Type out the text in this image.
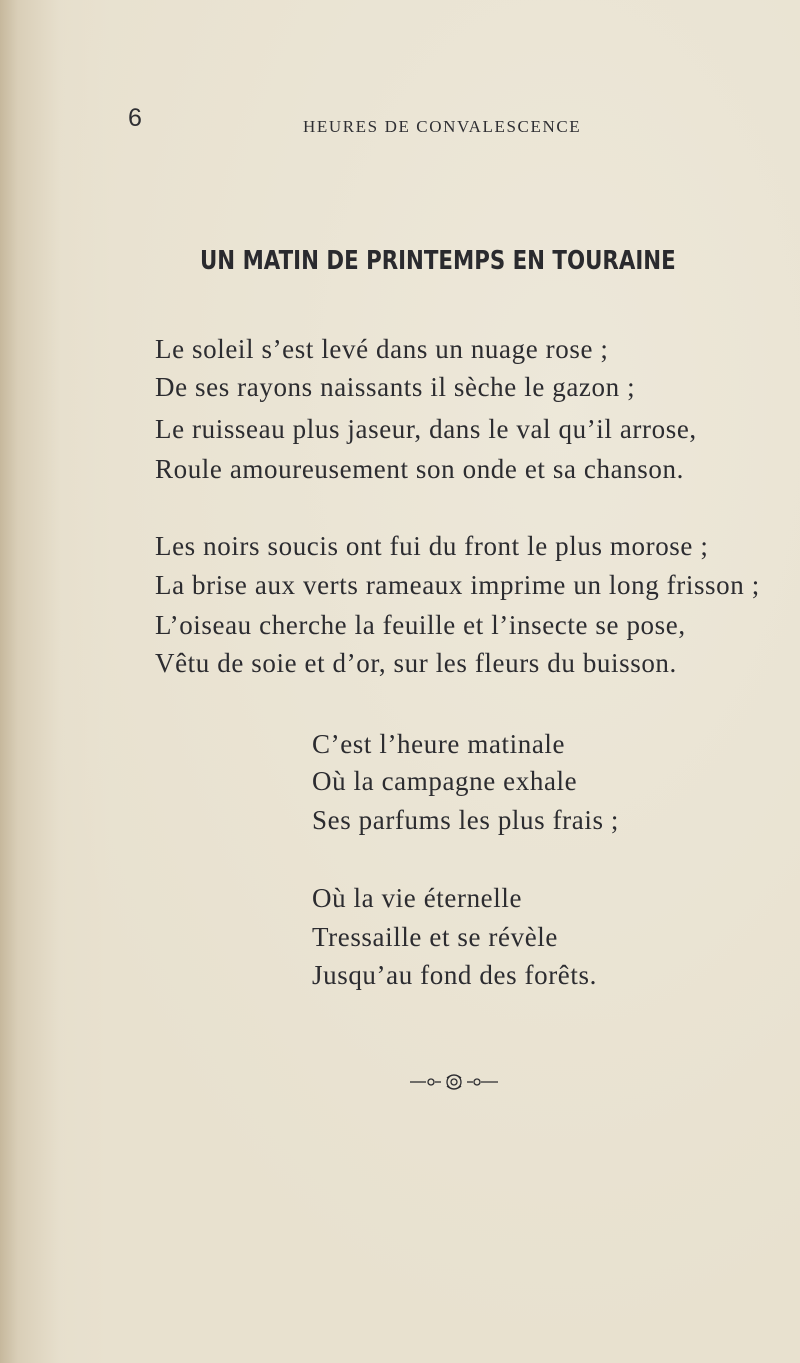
6	HEURES DE CONVALESCENCE
UN MATIN DE PRINTEMPS EN TOURAINE
Le soleil s’est levé dans un nuage rose ;
De ses rayons naissants il sèche le gazon ;
Le ruisseau plus jaseur, dans le val qu’il arrose,
Roule amoureusement son onde et sa chanson.
Les noirs soucis ont fui du front le plus morose ;
La brise aux verts rameaux imprime un long frisson ;
L’oiseau cherche la feuille et l’insecte se pose,
Vêtu de soie et d’or, sur les fleurs du buisson.
C’est l’heure matinale
Où la campagne exhale
Ses parfums les plus frais ;
Où la vie éternelle
Tressaille et se révèle
Jusqu’au fond des forêts.
